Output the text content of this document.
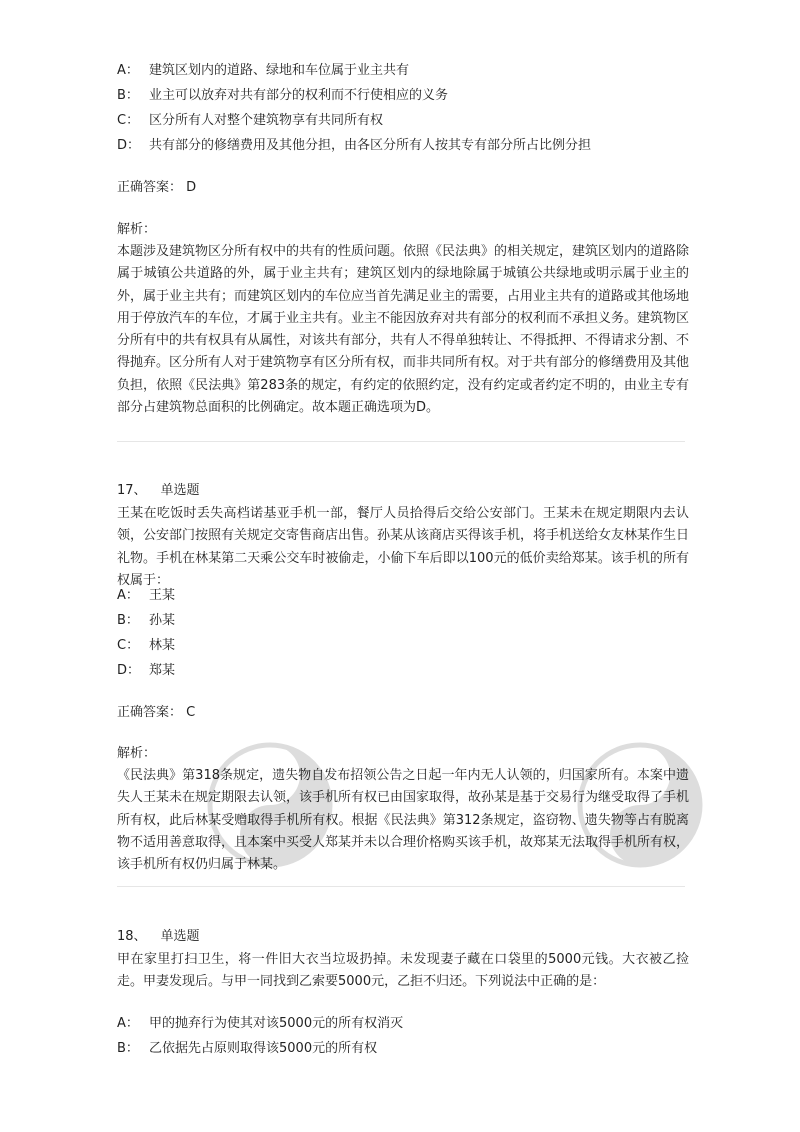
A： 建筑区划内的道路、绿地和车位属于业主共有
B： 业主可以放弃对共有部分的权利而不行使相应的义务
C： 区分所有人对整个建筑物享有共同所有权
D： 共有部分的修缮费用及其他分担，由各区分所有人按其专有部分所占比例分担
正确答案： D
解析：

本题涉及建筑物区分所有权中的共有的性质问题。依照《民法典》的相关规定，建筑区划内的道路除属于城镇公共道路的外，属于业主共有；建筑区划内的绿地除属于城镇公共绿地或明示属于业主的外，属于业主共有；而建筑区划内的车位应当首先满足业主的需要，占用业主共有的道路或其他场地用于停放汽车的车位，才属于业主共有。业主不能因放弃对共有部分的权利而不承担义务。建筑物区分所有中的共有权具有从属性，对该共有部分，共有人不得单独转让、不得抵押、不得请求分割、不得抛弃。区分所有人对于建筑物享有区分所有权，而非共同所有权。对于共有部分的修缮费用及其他负担，依照《民法典》第283条的规定，有约定的依照约定，没有约定或者约定不明的，由业主专有部分占建筑物总面积的比例确定。故本题正确选项为D。

17、 单选题

王某在吃饭时丢失高档诺基亚手机一部，餐厅人员拾得后交给公安部门。王某未在规定期限内去认领，公安部门按照有关规定交寄售商店出售。孙某从该商店买得该手机，将手机送给女友林某作生日礼物。手机在林某第二天乘公交车时被偷走，小偷下车后即以100元的低价卖给郑某。该手机的所有权属于：

A： 王某
B： 孙某
C： 林某
D： 郑某
正确答案： C
解析：

《民法典》第318条规定，遗失物自发布招领公告之日起一年内无人认领的，归国家所有。本案中遗失人王某未在规定期限去认领，该手机所有权已由国家取得，故孙某是基于交易行为继受取得了手机所有权，此后林某受赠取得手机所有权。根据《民法典》第312条规定，盗窃物、遗失物等占有脱离物不适用善意取得，且本案中买受人郑某并未以合理价格购买该手机，故郑某无法取得手机所有权，该手机所有权仍归属于林某。

18、 单选题

甲在家里打扫卫生，将一件旧大衣当垃圾扔掉。未发现妻子藏在口袋里的5000元钱。大衣被乙捡走。甲妻发现后。与甲一同找到乙索要5000元，乙拒不归还。下列说法中正确的是：

A： 甲的抛弃行为使其对该5000元的所有权消灭
B： 乙依据先占原则取得该5000元的所有权
